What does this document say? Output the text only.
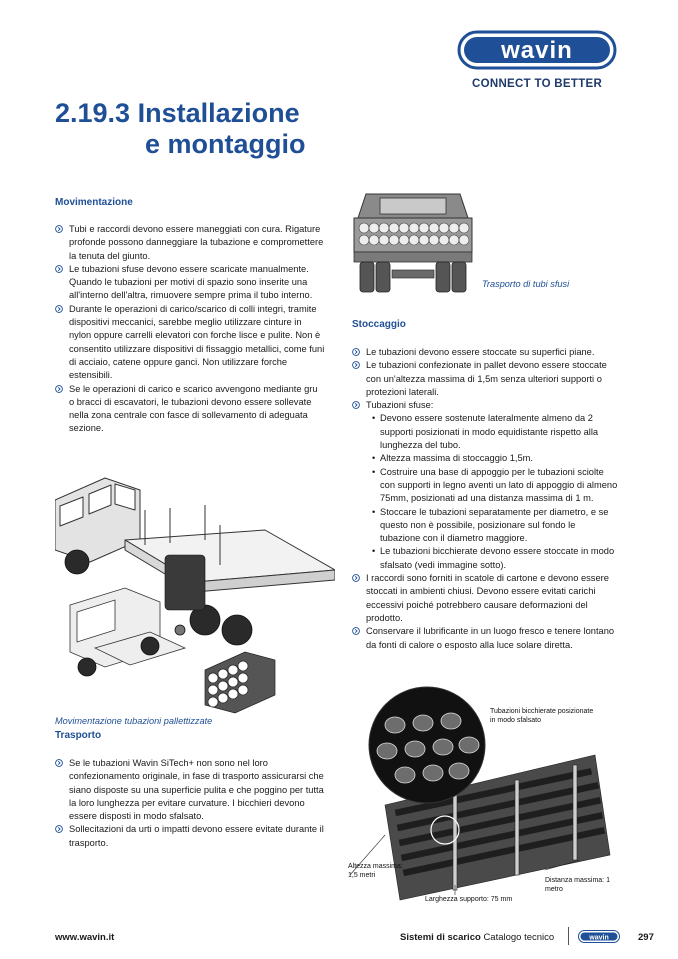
wavin
CONNECT TO BETTER
2.19.3 Installazione
e montaggio
Movimentazione
Tubi e raccordi devono essere maneggiati con cura. Rigature profonde possono danneggiare la tubazione e compromettere la tenuta del giunto.
Le tubazioni sfuse devono essere scaricate manualmente. Quando le tubazioni per motivi di spazio sono inserite una all'interno dell'altra, rimuovere sempre prima il tubo interno.
Durante le operazioni di carico/scarico di colli integri, tramite dispositivi meccanici, sarebbe meglio utilizzare cinture in nylon oppure carrelli elevatori con forche lisce e pulite. Non è consentito utilizzare dispositivi di fissaggio metallici, come funi di acciaio, catene oppure ganci. Non utilizzare forche estensibili.
Se le operazioni di carico e scarico avvengono mediante gru o bracci di escavatori, le tubazioni devono essere sollevate nella zona centrale con fasce di sollevamento di adeguata sezione.
Trasporto di tubi sfusi
Stoccaggio
Le tubazioni devono essere stoccate su superfici piane.
Le tubazioni confezionate in pallet devono essere stoccate con un'altezza massima di 1,5m senza ulteriori supporti o protezioni laterali.
Tubazioni sfuse:
• Devono essere sostenute lateralmente almeno da 2 supporti posizionati in modo equidistante rispetto alla lunghezza del tubo.
• Altezza massima di stoccaggio 1,5m.
• Costruire una base di appoggio per le tubazioni sciolte con supporti in legno aventi un lato di appoggio di almeno 75mm, posizionati ad una distanza massima di 1 m.
• Stoccare le tubazioni separatamente per diametro, e se questo non è possibile, posizionare sul fondo le tubazione con il diametro maggiore.
• Le tubazioni bicchierate devono essere stoccate in modo sfalsato (vedi immagine sotto).
I raccordi sono forniti in scatole di cartone e devono essere stoccati in ambienti chiusi. Devono essere evitati carichi eccessivi poiché potrebbero causare deformazioni del prodotto.
Conservare il lubrificante in un luogo fresco e tenere lontano da fonti di calore o esposto alla luce solare diretta.
Movimentazione tubazioni pallettizzate
Trasporto
Se le tubazioni Wavin SiTech+ non sono nel loro confezionamento originale, in fase di trasporto assicurarsi che siano disposte su una superficie pulita e che poggino per tutta la loro lunghezza per evitare curvature. I bicchieri devono essere disposti in modo sfalsato.
Sollecitazioni da urti o impatti devono essere evitate durante il trasporto.
Tubazioni bicchierate posizionate in modo sfalsato
Altezza massima: 1,5 metri
Distanza massima: 1 metro
Larghezza supporto: 75 mm
www.wavin.it	Sistemi di scarico Catalogo tecnico	wavin	297
